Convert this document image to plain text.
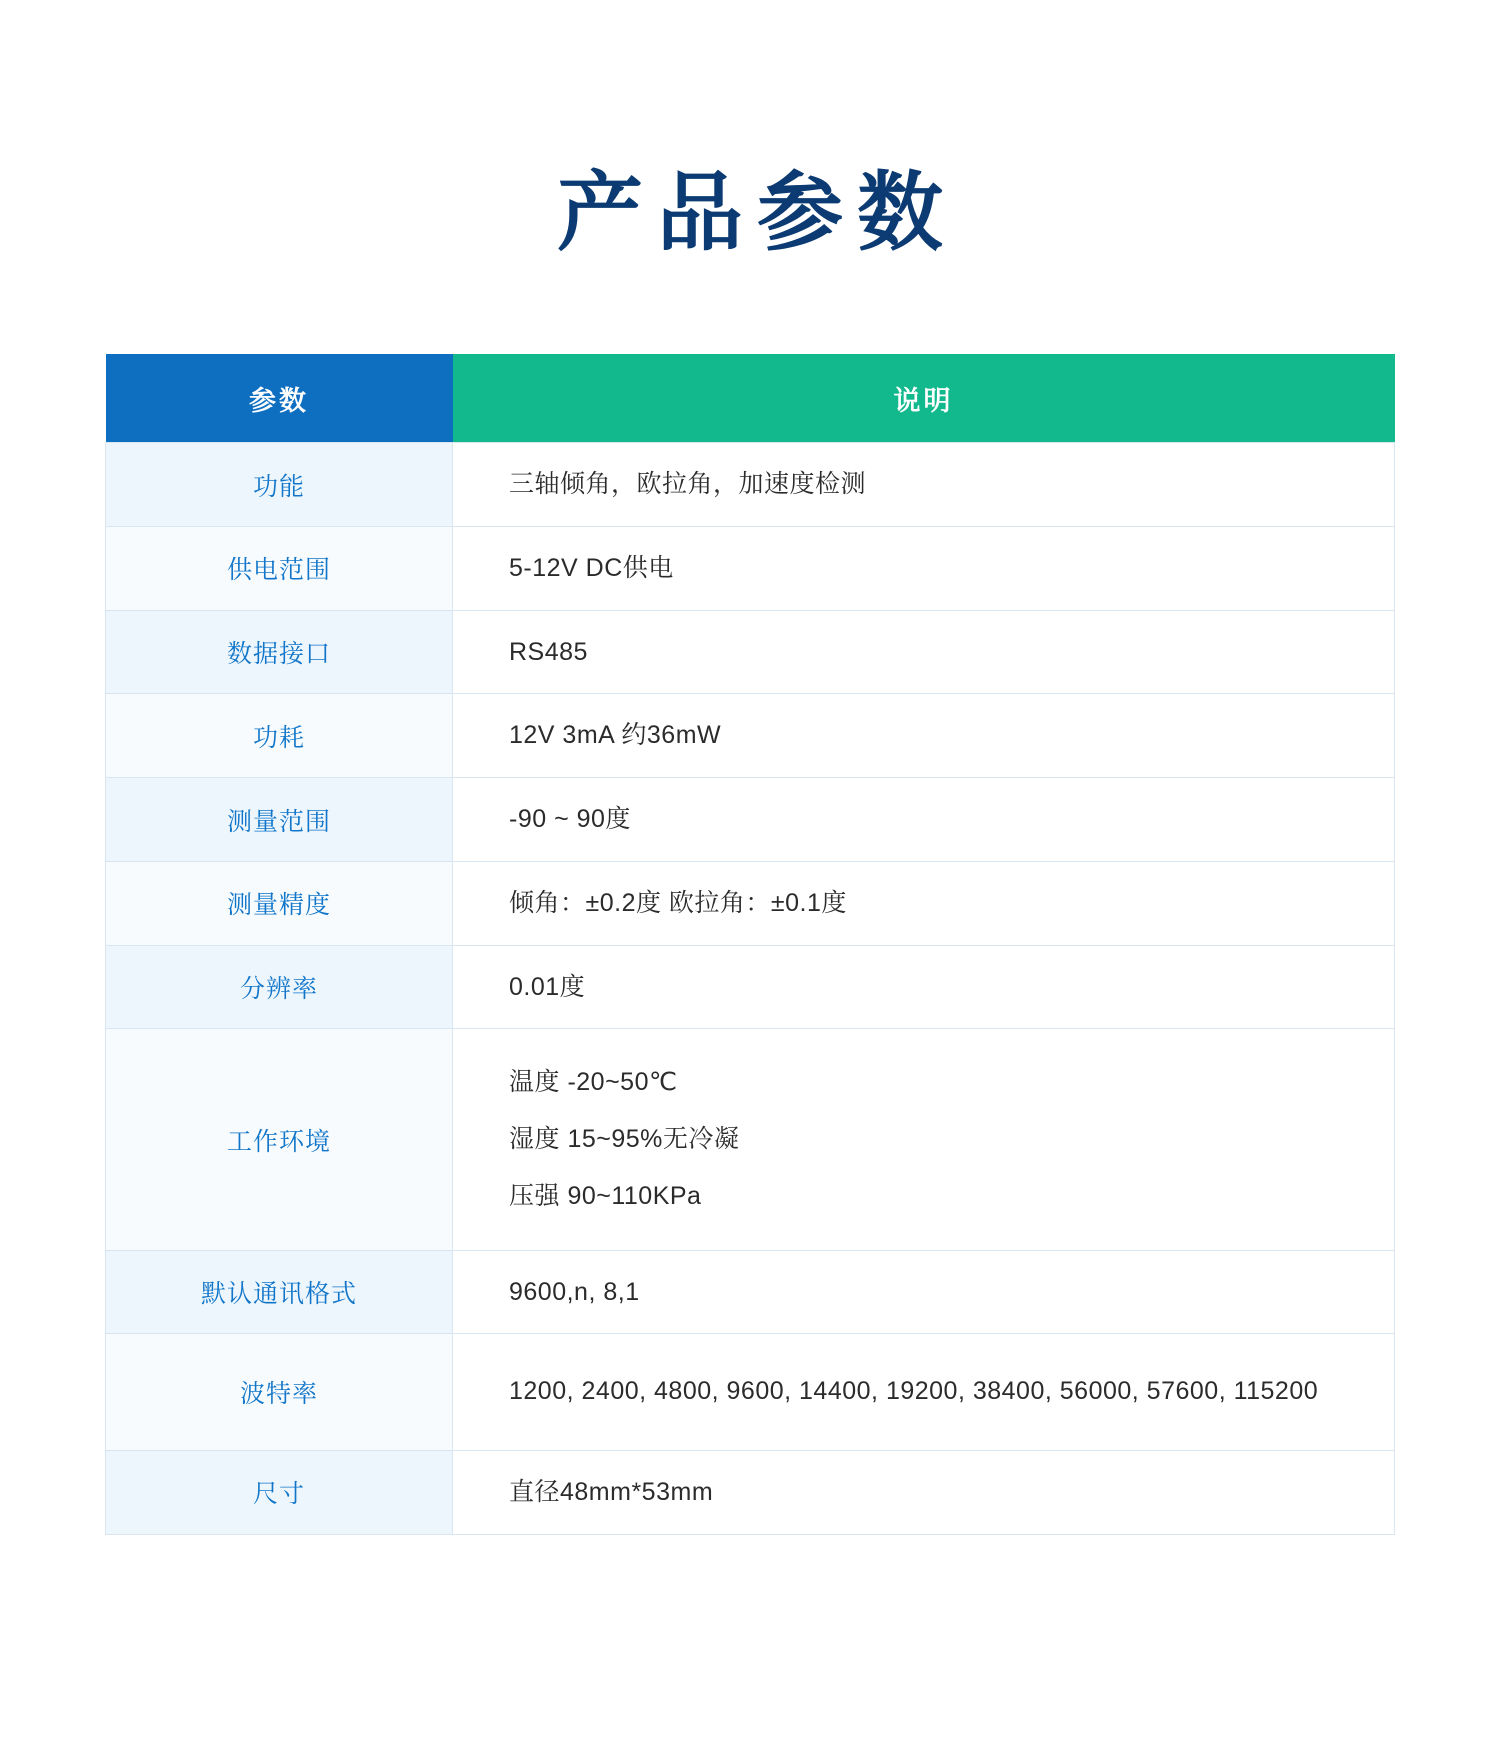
产品参数
参数	说明
功能	三轴倾角，欧拉角，加速度检测

供电范围	5-12V DC供电

数据接口	RS485

功耗	12V 3mA 约36mW

测量范围	-90 ~ 90度

测量精度	倾角：±0.2度 欧拉角：±0.1度

分辨率	0.01度

工作环境	温度 -20~50℃
湿度 15~95%无冷凝
压强 90~110KPa

默认通讯格式	9600,n, 8,1

波特率	1200, 2400, 4800, 9600, 14400, 19200, 38400, 56000, 57600, 115200

尺寸	直径48mm*53mm
